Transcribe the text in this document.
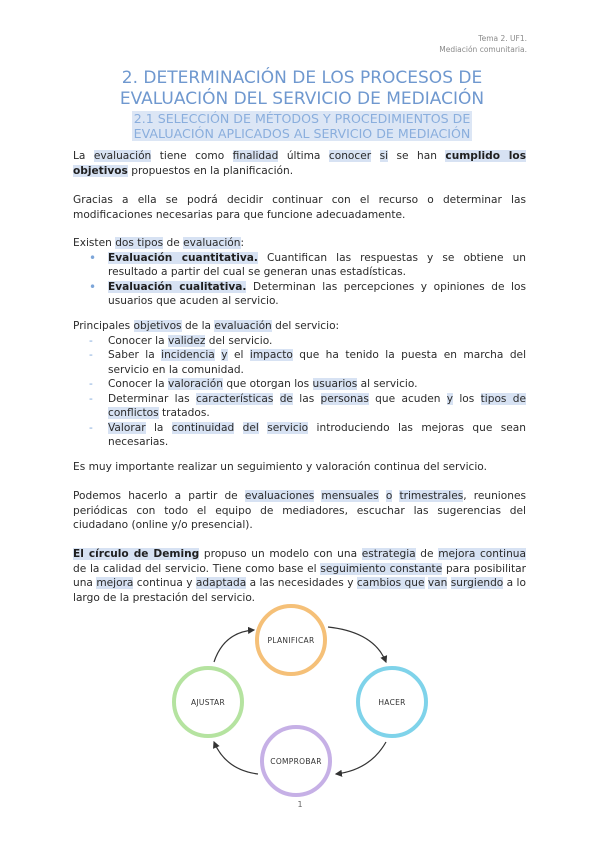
Tema 2. UF1.
Mediación comunitaria.
2. DETERMINACIÓN DE LOS PROCESOS DE
EVALUACIÓN DEL SERVICIO DE MEDIACIÓN
2.1 SELECCIÓN DE MÉTODOS Y PROCEDIMIENTOS DE
EVALUACIÓN APLICADOS AL SERVICIO DE MEDIACIÓN

La evaluación tiene como finalidad última conocer si se han cumplido los objetivos propuestos en la planificación.

Gracias a ella se podrá decidir continuar con el recurso o determinar las modificaciones necesarias para que funcione adecuadamente.

Existen dos tipos de evaluación:

• Evaluación cuantitativa. Cuantifican las respuestas y se obtiene un resultado a partir del cual se generan unas estadísticas.
• Evaluación cualitativa. Determinan las percepciones y opiniones de los usuarios que acuden al servicio.

Principales objetivos de la evaluación del servicio:

- Conocer la validez del servicio.
- Saber la incidencia y el impacto que ha tenido la puesta en marcha del servicio en la comunidad.
- Conocer la valoración que otorgan los usuarios al servicio.
- Determinar las características de las personas que acuden y los tipos de conflictos tratados.
- Valorar la continuidad del servicio introduciendo las mejoras que sean necesarias.

Es muy importante realizar un seguimiento y valoración continua del servicio.

Podemos hacerlo a partir de evaluaciones mensuales o trimestrales, reuniones periódicas con todo el equipo de mediadores, escuchar las sugerencias del ciudadano (online y/o presencial).

El círculo de Deming propuso un modelo con una estrategia de mejora continua de la calidad del servicio. Tiene como base el seguimiento constante para posibilitar una mejora continua y adaptada a las necesidades y cambios que van surgiendo a lo largo de la prestación del servicio.

PLANIFICAR
HACER
COMPROBAR
AJUSTAR
1
